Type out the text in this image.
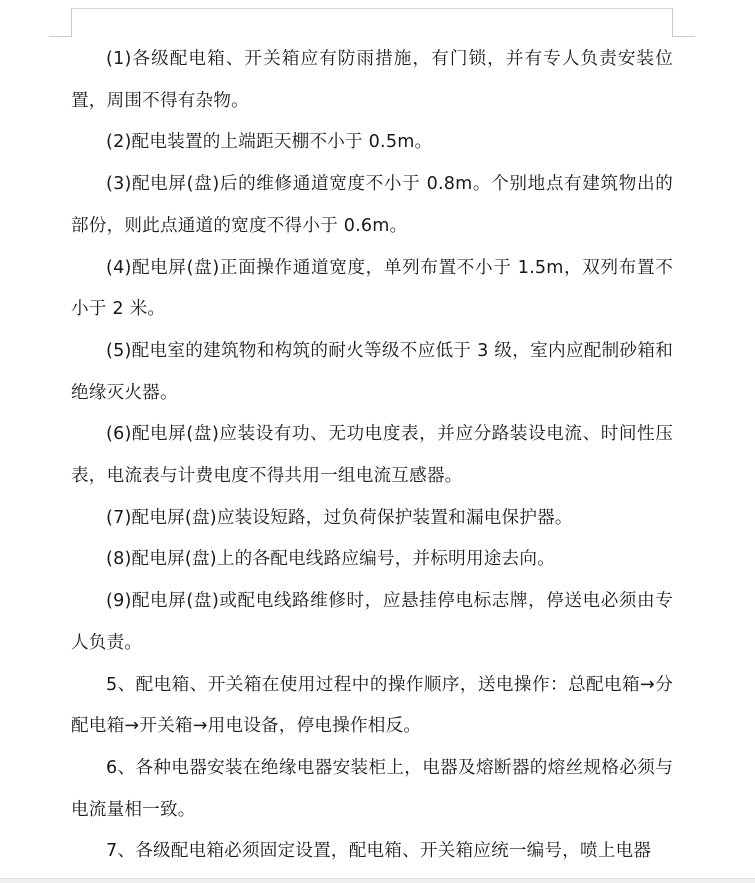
(1)各级配电箱、开关箱应有防雨措施，有门锁，并有专人负责安装位置，周围不得有杂物。

(2)配电装置的上端距天棚不小于 0.5m。

(3)配电屏(盘)后的维修通道宽度不小于 0.8m。个别地点有建筑物出的部份，则此点通道的宽度不得小于 0.6m。

(4)配电屏(盘)正面操作通道宽度，单列布置不小于 1.5m，双列布置不小于 2 米。

(5)配电室的建筑物和构筑的耐火等级不应低于 3 级，室内应配制砂箱和绝缘灭火器。

(6)配电屏(盘)应装设有功、无功电度表，并应分路装设电流、时间性压表，电流表与计费电度不得共用一组电流互感器。

(7)配电屏(盘)应装设短路，过负荷保护装置和漏电保护器。

(8)配电屏(盘)上的各配电线路应编号，并标明用途去向。

(9)配电屏(盘)或配电线路维修时，应悬挂停电标志牌，停送电必须由专人负责。

5、配电箱、开关箱在使用过程中的操作顺序，送电操作：总配电箱→分配电箱→开关箱→用电设备，停电操作相反。

6、各种电器安装在绝缘电器安装柜上，电器及熔断器的熔丝规格必须与电流量相一致。

7、各级配电箱必须固定设置，配电箱、开关箱应统一编号，喷上电器
